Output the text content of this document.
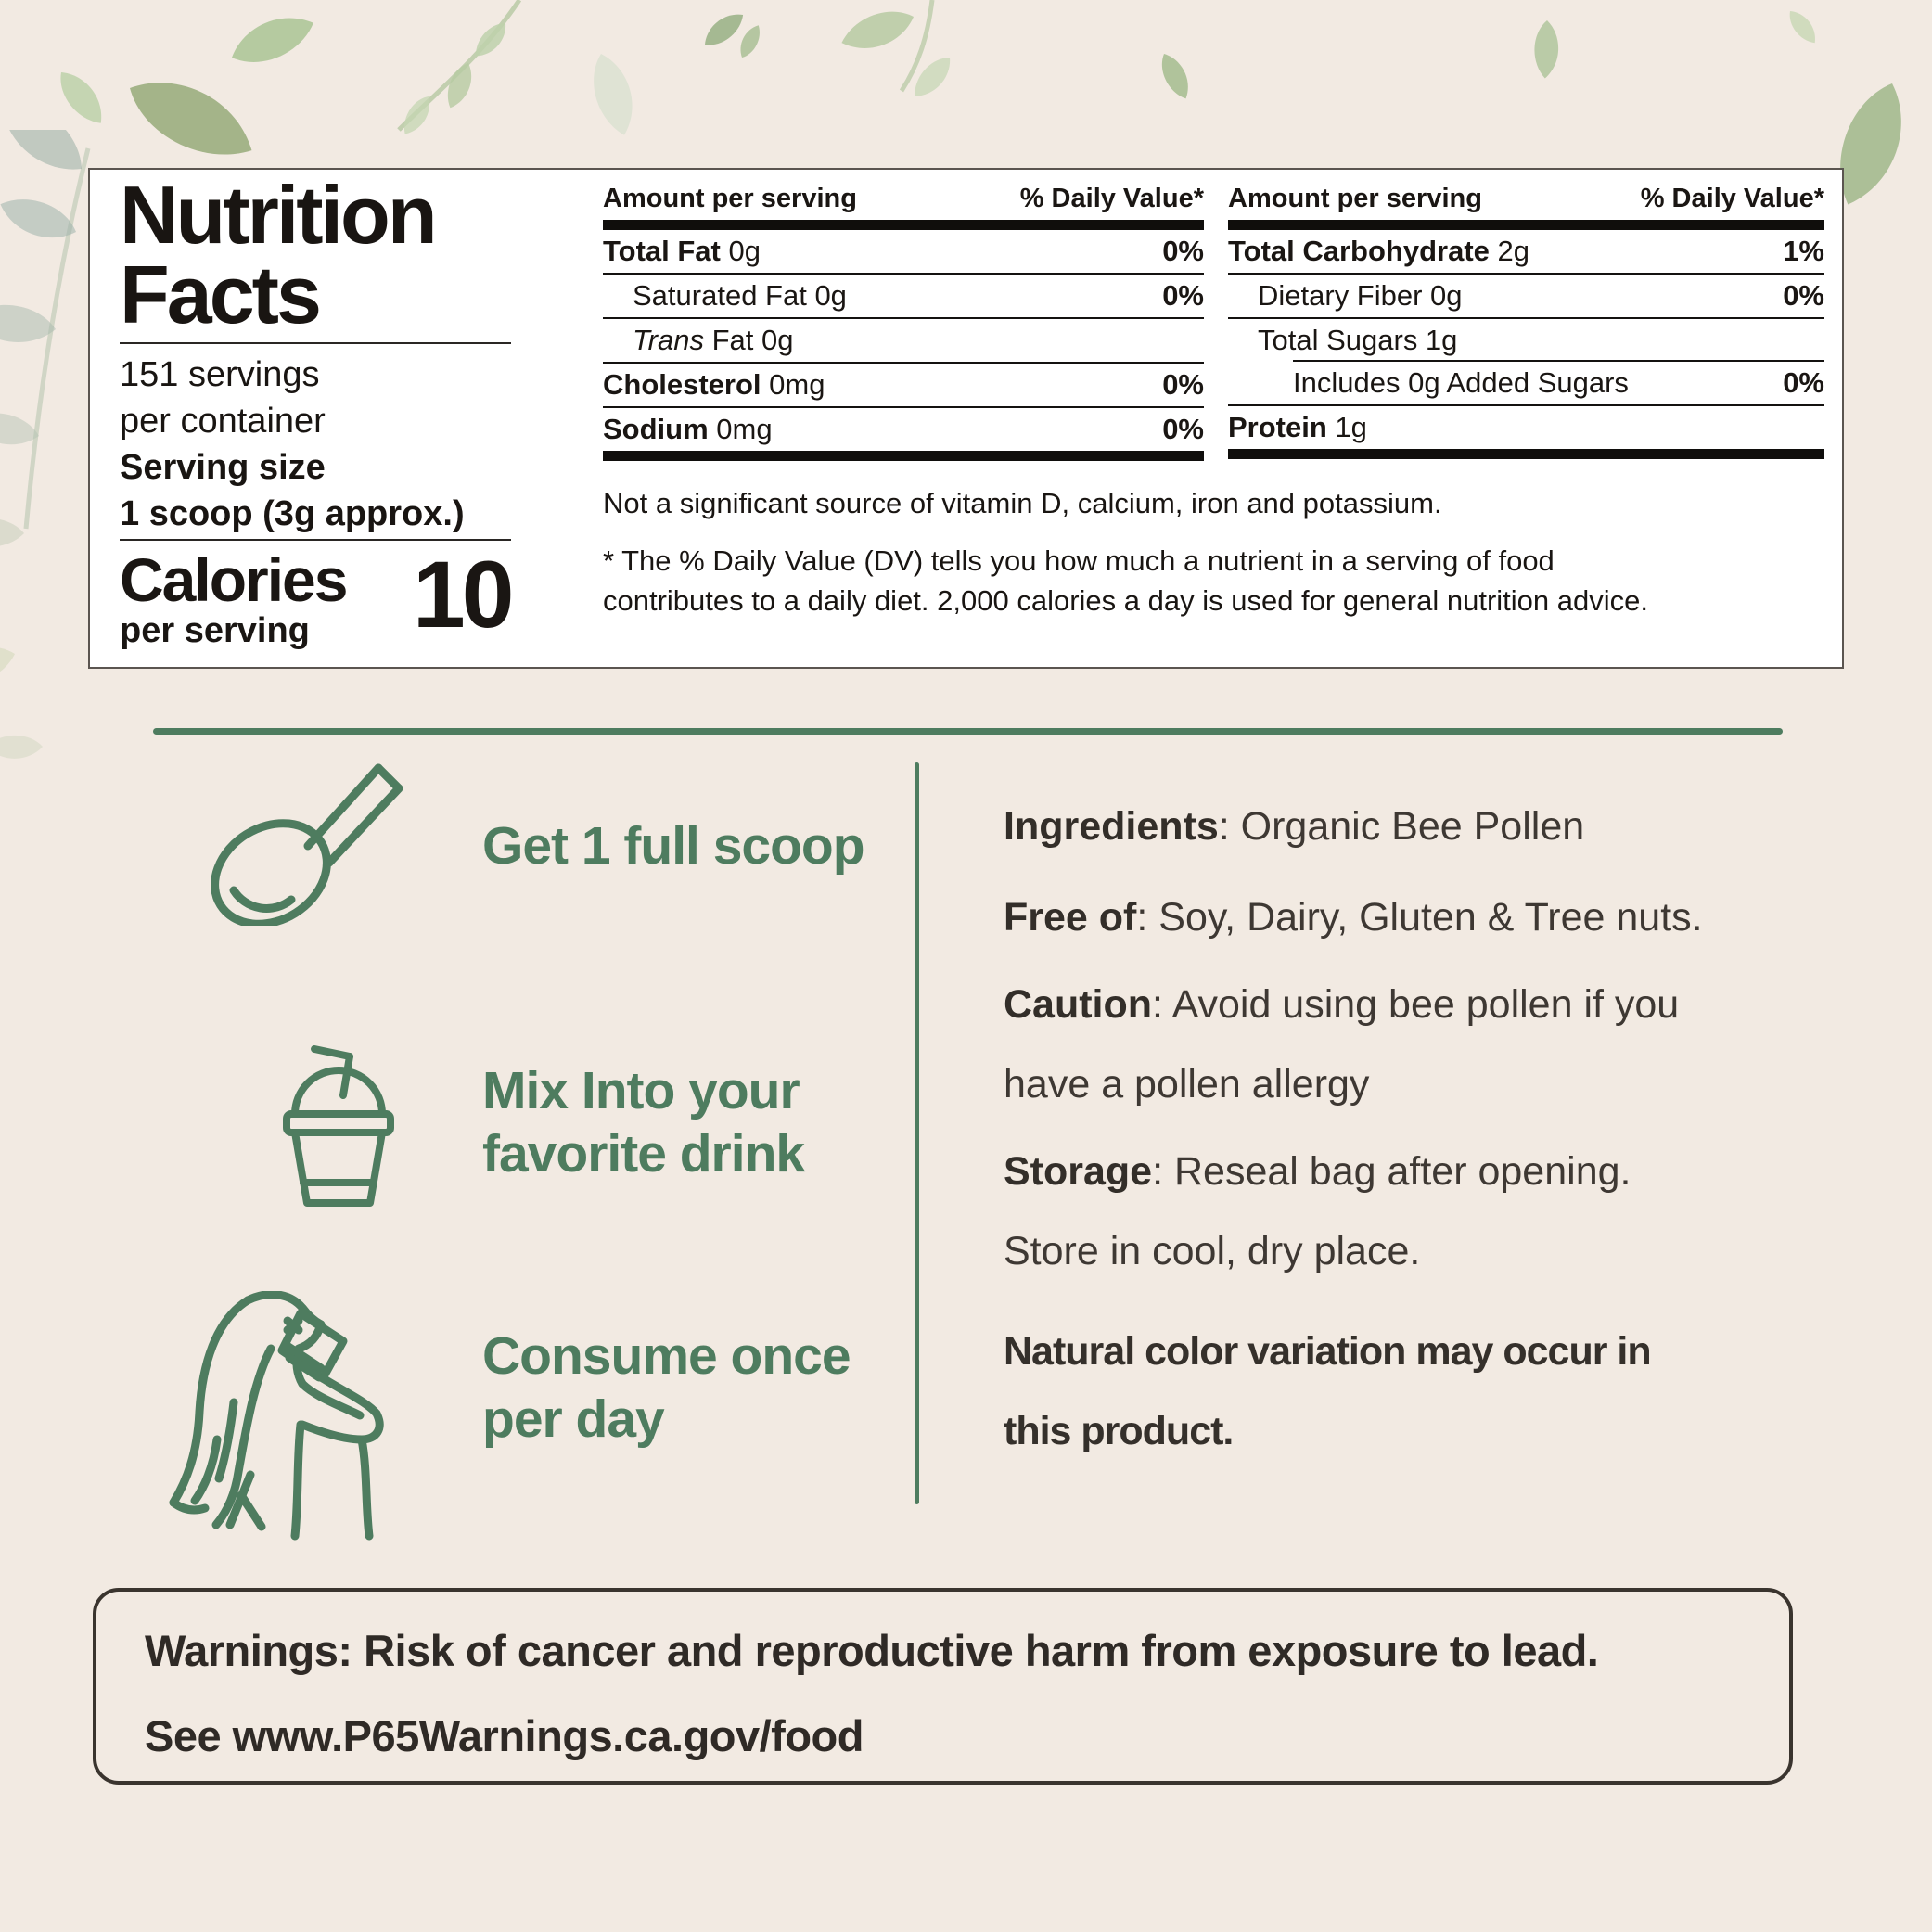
Nutrition
Facts
151 servings
per container
Serving size
1 scoop (3g approx.)
Calories
per serving 10
Amount per serving	% Daily Value*
Total Fat 0g	0%
Saturated Fat 0g	0%
Trans Fat 0g
Cholesterol 0mg	0%
Sodium 0mg	0%
Amount per serving	% Daily Value*
Total Carbohydrate 2g	1%
Dietary Fiber 0g	0%
Total Sugars 1g
Includes 0g Added Sugars	0%
Protein 1g
Not a significant source of vitamin D, calcium, iron and potassium.
* The % Daily Value (DV) tells you how much a nutrient in a serving of food
contributes to a daily diet. 2,000 calories a day is used for general nutrition advice.
Get 1 full scoop
Mix Into your
favorite drink
Consume once
per day
Ingredients: Organic Bee Pollen
Free of: Soy, Dairy, Gluten & Tree nuts.
Caution: Avoid using bee pollen if you
have a pollen allergy
Storage: Reseal bag after opening.
Store in cool, dry place.
Natural color variation may occur in
this product.
Warnings: Risk of cancer and reproductive harm from exposure to lead.
See www.P65Warnings.ca.gov/food
